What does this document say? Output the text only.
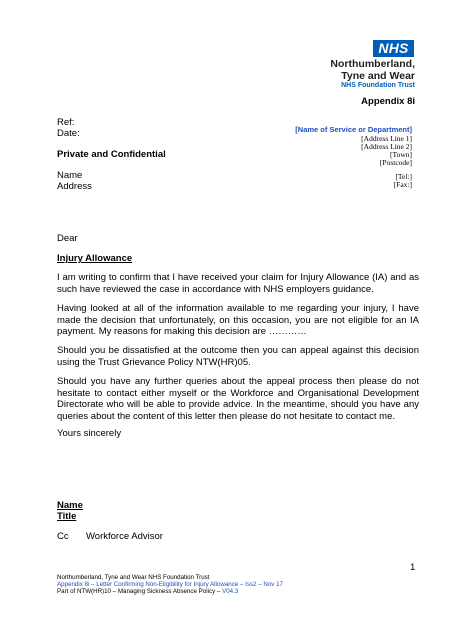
NHS
Northumberland,
Tyne and Wear
NHS Foundation Trust
Appendix 8i
Ref:
Date:
Private and Confidential
Name
Address
[Name of Service or Department]
[Address Line 1]
[Address Line 2]
[Town]
[Postcode]
[Tel:]
[Fax:]
Dear
Injury Allowance
I am writing to confirm that I have received your claim for Injury Allowance (IA) and as such have reviewed the case in accordance with NHS employers guidance.
Having looked at all of the information available to me regarding your injury, I have made the decision that unfortunately, on this occasion, you are not eligible for an IA payment. My reasons for making this decision are …………
Should you be dissatisfied at the outcome then you can appeal against this decision using the Trust Grievance Policy NTW(HR)05.
Should you have any further queries about the appeal process then please do not hesitate to contact either myself or the Workforce and Organisational Development Directorate who will be able to provide advice. In the meantime, should you have any queries about the content of this letter then please do not hesitate to contact me.
Yours sincerely
Name
Title
Cc Workforce Advisor
1
Northumberland, Tyne and Wear NHS Foundation Trust
Appendix 8i – Letter Confirming Non-Eligibility for Injury Allowance – Iss2 – Nov 17
Part of NTW(HR)10 – Managing Sickness Absence Policy – V04.3
